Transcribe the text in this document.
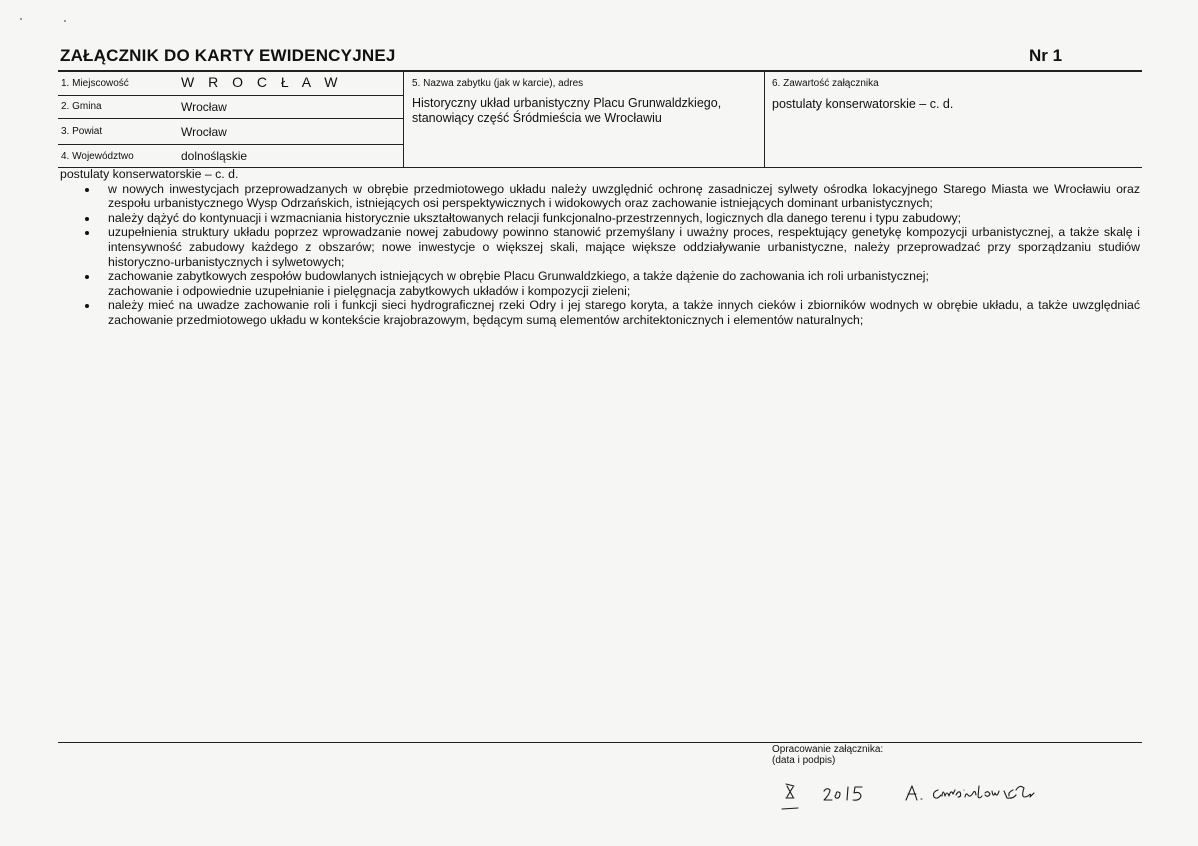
ZAŁĄCZNIK DO KARTY EWIDENCYJNEJ	Nr 1
1. Miejscowość	W R O C Ł A W
2. Gmina	Wrocław
3. Powiat	Wrocław
4. Województwo	dolnośląskie
5. Nazwa zabytku (jak w karcie), adres
Historyczny układ urbanistyczny Placu Grunwaldzkiego,
stanowiący część Śródmieścia we Wrocławiu
6. Zawartość załącznika
postulaty konserwatorskie – c. d.

postulaty konserwatorskie – c. d.

w nowych inwestycjach przeprowadzanych w obrębie przedmiotowego układu należy uwzględnić ochronę zasadniczej sylwety ośrodka lokacyjnego Starego Miasta we Wrocławiu oraz zespołu urbanistycznego Wysp Odrzańskich, istniejących osi perspektywicznych i widokowych oraz zachowanie istniejących dominant urbanistycznych;
należy dążyć do kontynuacji i wzmacniania historycznie ukształtowanych relacji funkcjonalno-przestrzennych, logicznych dla danego terenu i typu zabudowy;
uzupełnienia struktury układu poprzez wprowadzanie nowej zabudowy powinno stanowić przemyślany i uważny proces, respektujący genetykę kompozycji urbanistycznej, a także skalę i intensywność zabudowy każdego z obszarów; nowe inwestycje o większej skali, mające większe oddziaływanie urbanistyczne, należy przeprowadzać przy sporządzaniu studiów historyczno-urbanistycznych i sylwetowych;
zachowanie zabytkowych zespołów budowlanych istniejących w obrębie Placu Grunwaldzkiego, a także dążenie do zachowania ich roli urbanistycznej;
zachowanie i odpowiednie uzupełnianie i pielęgnacja zabytkowych układów i kompozycji zieleni;
należy mieć na uwadze zachowanie roli i funkcji sieci hydrograficznej rzeki Odry i jej starego koryta, a także innych cieków i zbiorników wodnych w obrębie układu, a także uwzględniać zachowanie przedmiotowego układu w kontekście krajobrazowym, będącym sumą elementów architektonicznych i elementów naturalnych;
Opracowanie załącznika:
(data i podpis)
